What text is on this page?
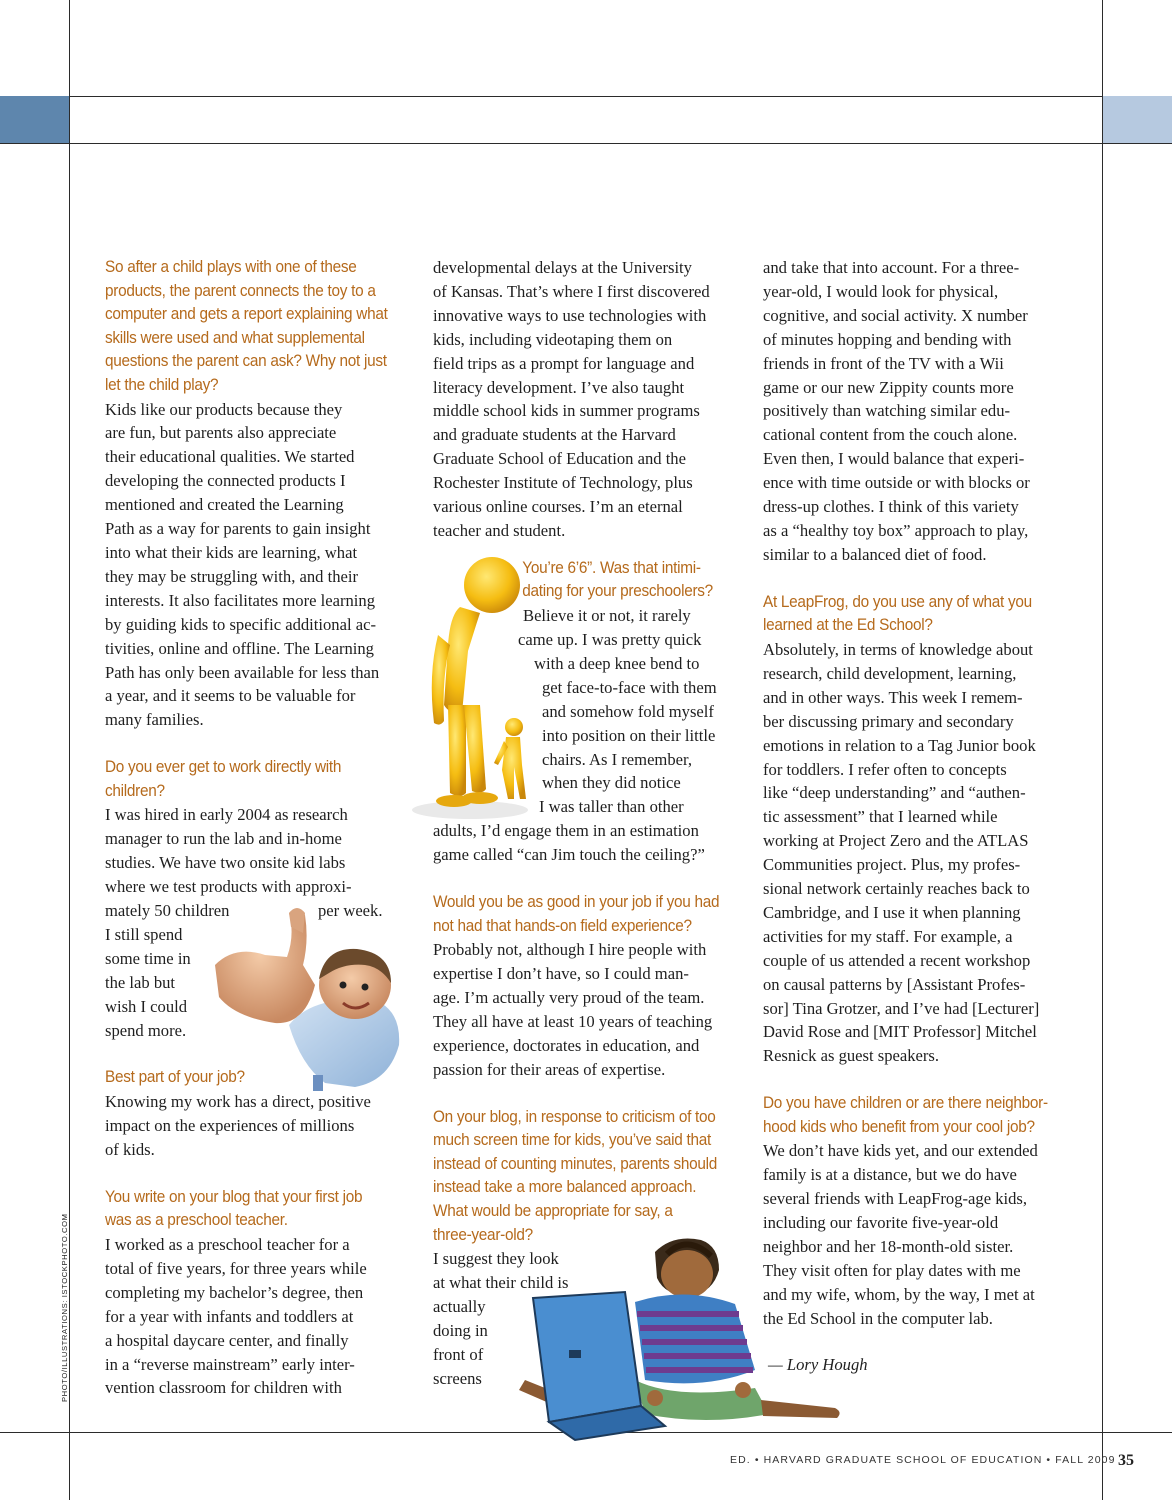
So after a child plays with one of these
products, the parent connects the toy to a
computer and gets a report explaining what
skills were used and what supplemental
questions the parent can ask? Why not just
let the child play?
Kids like our products because they
are fun, but parents also appreciate
their educational qualities. We started
developing the connected products I
mentioned and created the Learning
Path as a way for parents to gain insight
into what their kids are learning, what
they may be struggling with, and their
interests. It also facilitates more learning
by guiding kids to specific additional ac-
tivities, online and offline. The Learning
Path has only been available for less than
a year, and it seems to be valuable for
many families.
Do you ever get to work directly with
children?
I was hired in early 2004 as research
manager to run the lab and in-home
studies. We have two onsite kid labs
where we test products with approxi-
mately 50 children	per week.
I still spend
some time in
the lab but
wish I could
spend more.
Best part of your job?
Knowing my work has a direct, positive
impact on the experiences of millions
of kids.
You write on your blog that your first job
was as a preschool teacher.
I worked as a preschool teacher for a
total of five years, for three years while
completing my bachelor’s degree, then
for a year with infants and toddlers at
a hospital daycare center, and finally
in a “reverse mainstream” early inter-
vention classroom for children with
developmental delays at the University
of Kansas. That’s where I first discovered
innovative ways to use technologies with
kids, including videotaping them on
field trips as a prompt for language and
literacy development. I’ve also taught
middle school kids in summer programs
and graduate students at the Harvard
Graduate School of Education and the
Rochester Institute of Technology, plus
various online courses. I’m an eternal
teacher and student.
You’re 6’6”. Was that intimi-
dating for your preschoolers?
Believe it or not, it rarely
came up. I was pretty quick
with a deep knee bend to
get face-to-face with them
and somehow fold myself
into position on their little
chairs. As I remember,
when they did notice
I was taller than other
adults, I’d engage them in an estimation
game called “can Jim touch the ceiling?”
Would you be as good in your job if you had
not had that hands-on field experience?
Probably not, although I hire people with
expertise I don’t have, so I could man-
age. I’m actually very proud of the team.
They all have at least 10 years of teaching
experience, doctorates in education, and
passion for their areas of expertise.
On your blog, in response to criticism of too
much screen time for kids, you’ve said that
instead of counting minutes, parents should
instead take a more balanced approach.
What would be appropriate for say, a
three-year-old?
I suggest they look
at what their child is
actually
doing in
front of
screens
and take that into account. For a three-
year-old, I would look for physical,
cognitive, and social activity. X number
of minutes hopping and bending with
friends in front of the TV with a Wii
game or our new Zippity counts more
positively than watching similar edu-
cational content from the couch alone.
Even then, I would balance that experi-
ence with time outside or with blocks or
dress-up clothes. I think of this variety
as a “healthy toy box” approach to play,
similar to a balanced diet of food.
At LeapFrog, do you use any of what you
learned at the Ed School?
Absolutely, in terms of knowledge about
research, child development, learning,
and in other ways. This week I remem-
ber discussing primary and secondary
emotions in relation to a Tag Junior book
for toddlers. I refer often to concepts
like “deep understanding” and “authen-
tic assessment” that I learned while
working at Project Zero and the ATLAS
Communities project. Plus, my profes-
sional network certainly reaches back to
Cambridge, and I use it when planning
activities for my staff. For example, a
couple of us attended a recent workshop
on causal patterns by [Assistant Profes-
sor] Tina Grotzer, and I’ve had [Lecturer]
David Rose and [MIT Professor] Mitchel
Resnick as guest speakers.
Do you have children or are there neighbor-
hood kids who benefit from your cool job?
We don’t have kids yet, and our extended
family is at a distance, but we do have
several friends with LeapFrog-age kids,
including our favorite five-year-old
neighbor and her 18-month-old sister.
They visit often for play dates with me
and my wife, whom, by the way, I met at
the Ed School in the computer lab.
— Lory Hough
ED. • HARVARD GRADUATE SCHOOL OF EDUCATION • FALL 2009 35
PHOTO/ILLUSTRATIONS: ISTOCKPHOTO.COM
